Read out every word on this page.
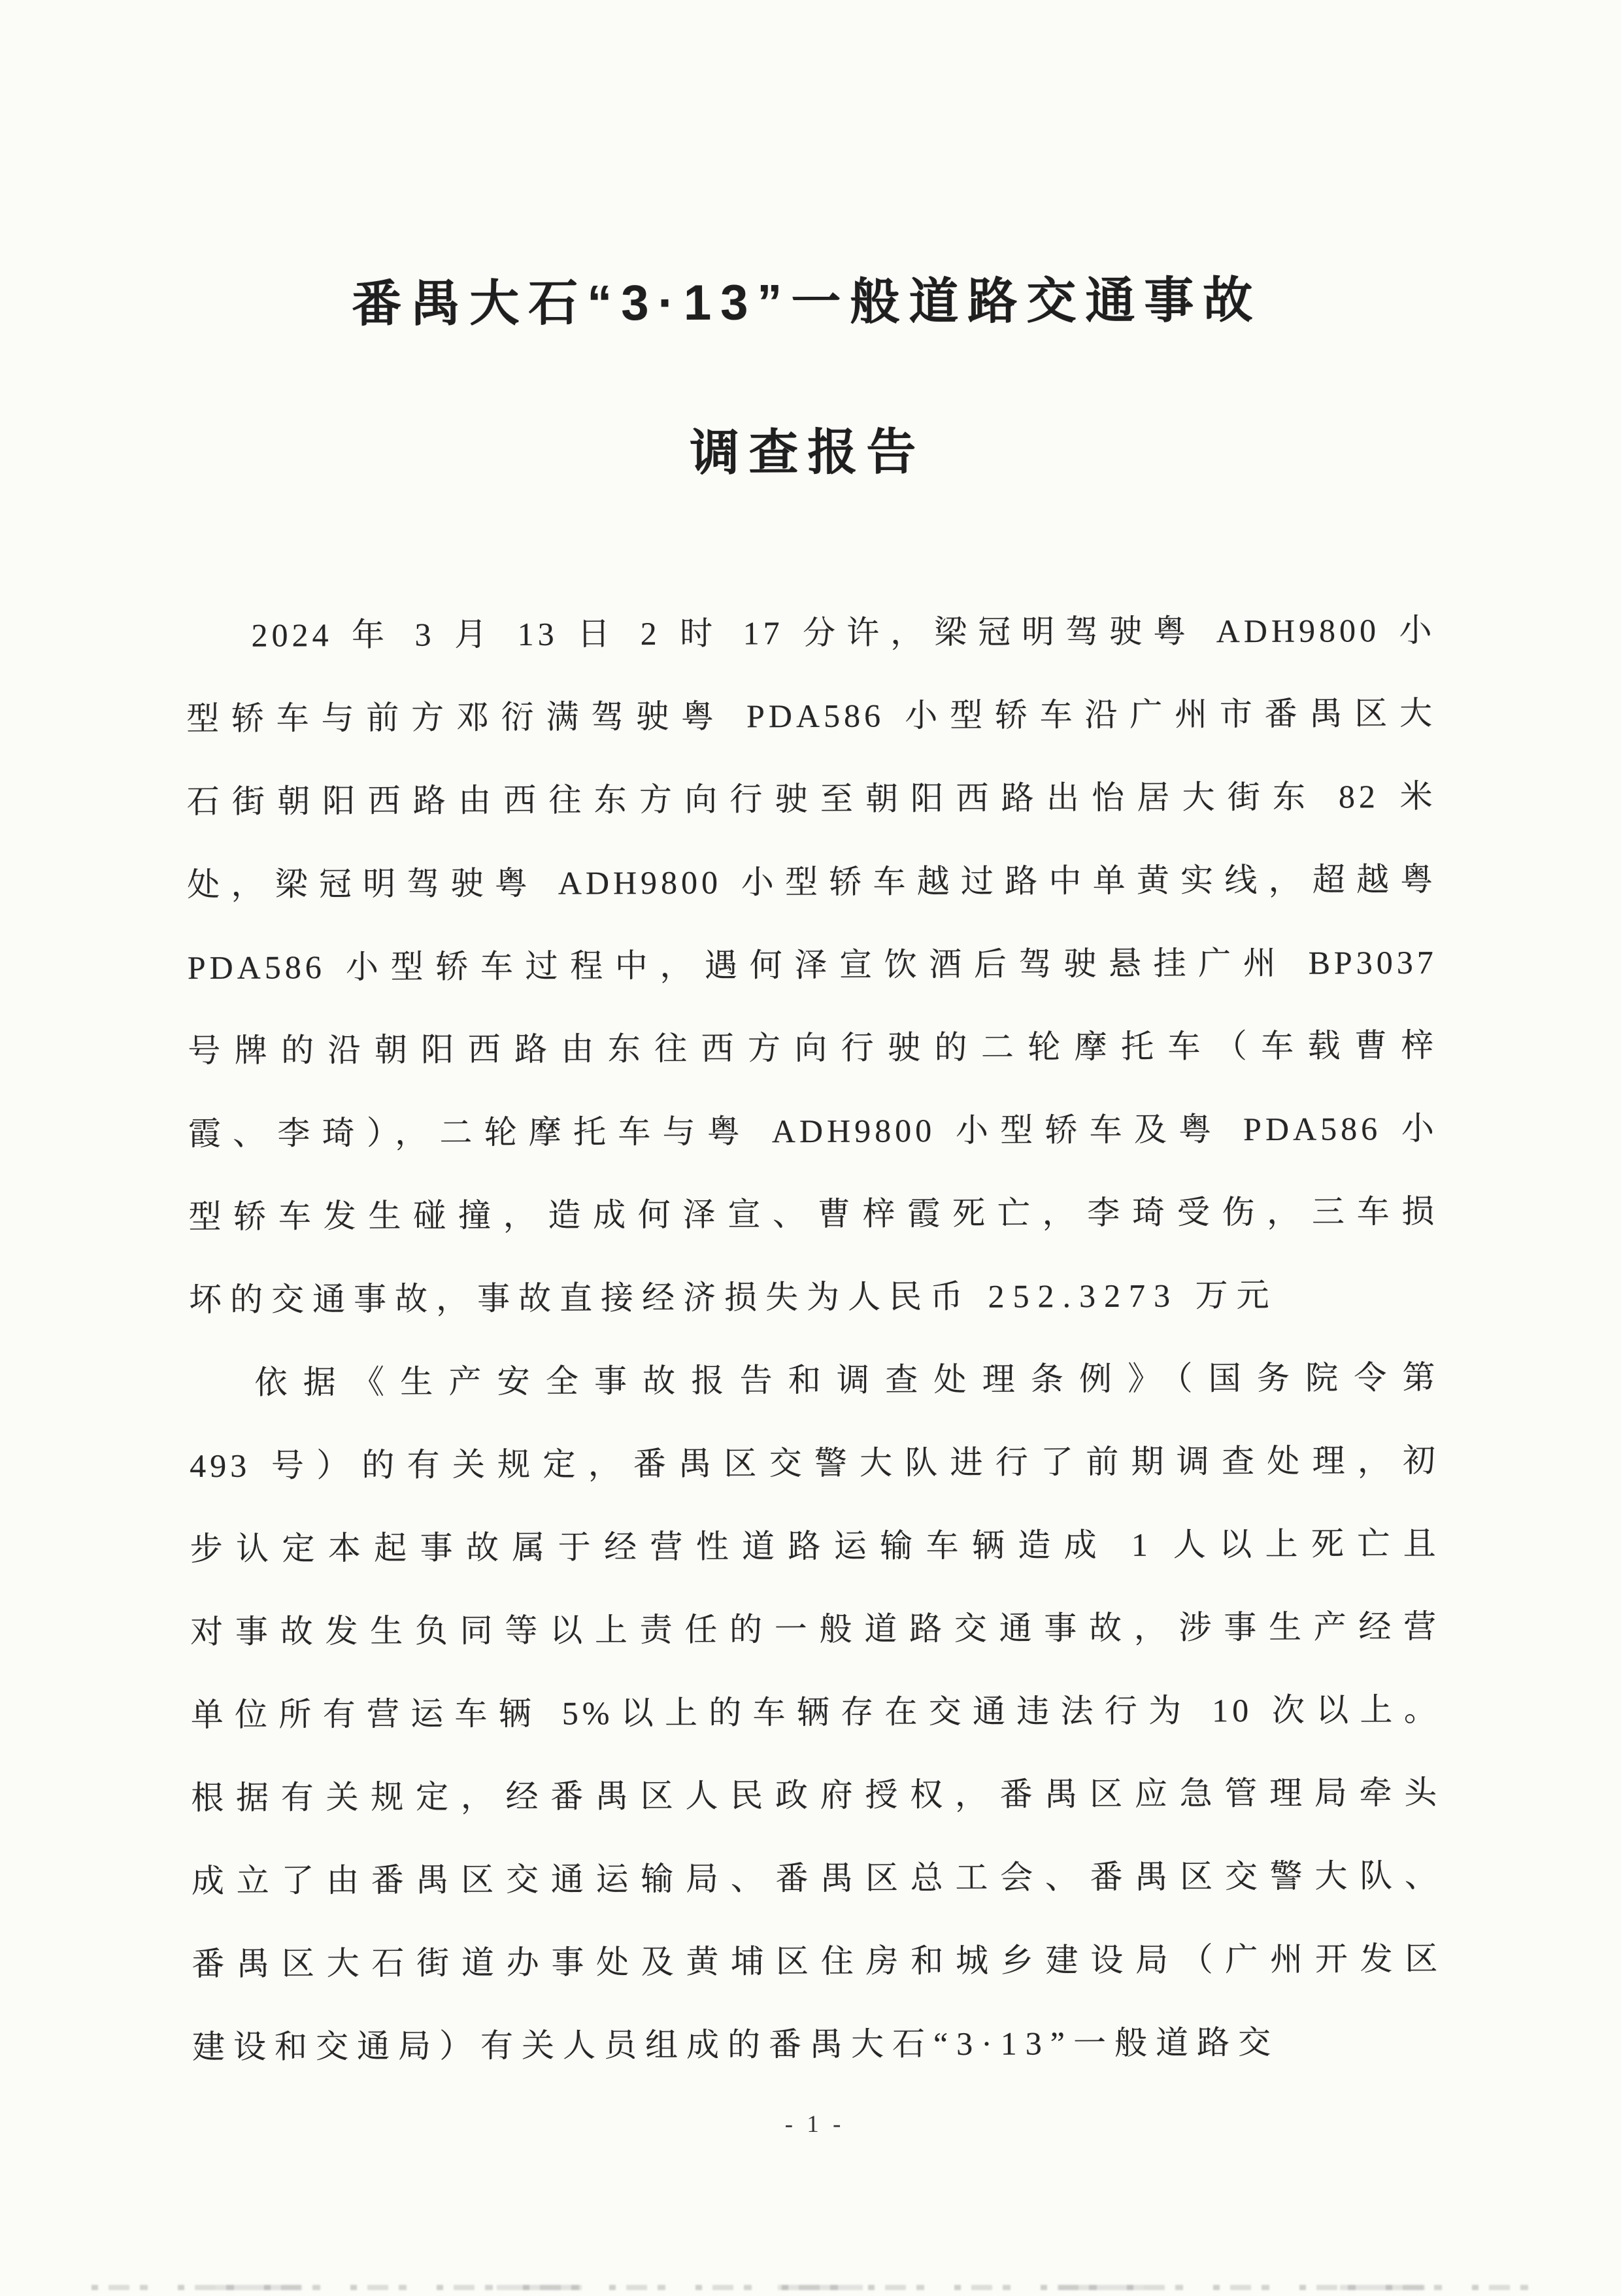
番禺大石“3·13”一般道路交通事故
调查报告
2024 年 3 月 13 日 2 时 17 分许，梁冠明驾驶粤 ADH9800 小
型轿车与前方邓衍满驾驶粤 PDA586 小型轿车沿广州市番禺区大
石街朝阳西路由西往东方向行驶至朝阳西路出怡居大街东 82 米
处，梁冠明驾驶粤 ADH9800 小型轿车越过路中单黄实线，超越粤
PDA586 小型轿车过程中，遇何泽宣饮酒后驾驶悬挂广州 BP3037
号牌的沿朝阳西路由东往西方向行驶的二轮摩托车（车载曹梓
霞、李琦），二轮摩托车与粤 ADH9800 小型轿车及粤 PDA586 小
型轿车发生碰撞，造成何泽宣、曹梓霞死亡，李琦受伤，三车损
坏的交通事故，事故直接经济损失为人民币 252.3273 万元
依据《生产安全事故报告和调查处理条例》（国务院令第
493 号）的有关规定，番禺区交警大队进行了前期调查处理，初
步认定本起事故属于经营性道路运输车辆造成 1 人以上死亡且
对事故发生负同等以上责任的一般道路交通事故，涉事生产经营
单位所有营运车辆 5%以上的车辆存在交通违法行为 10 次以上。
根据有关规定，经番禺区人民政府授权，番禺区应急管理局牵头
成立了由番禺区交通运输局、番禺区总工会、番禺区交警大队、
番禺区大石街道办事处及黄埔区住房和城乡建设局（广州开发区
建设和交通局）有关人员组成的番禺大石“3·13”一般道路交
- 1 -
